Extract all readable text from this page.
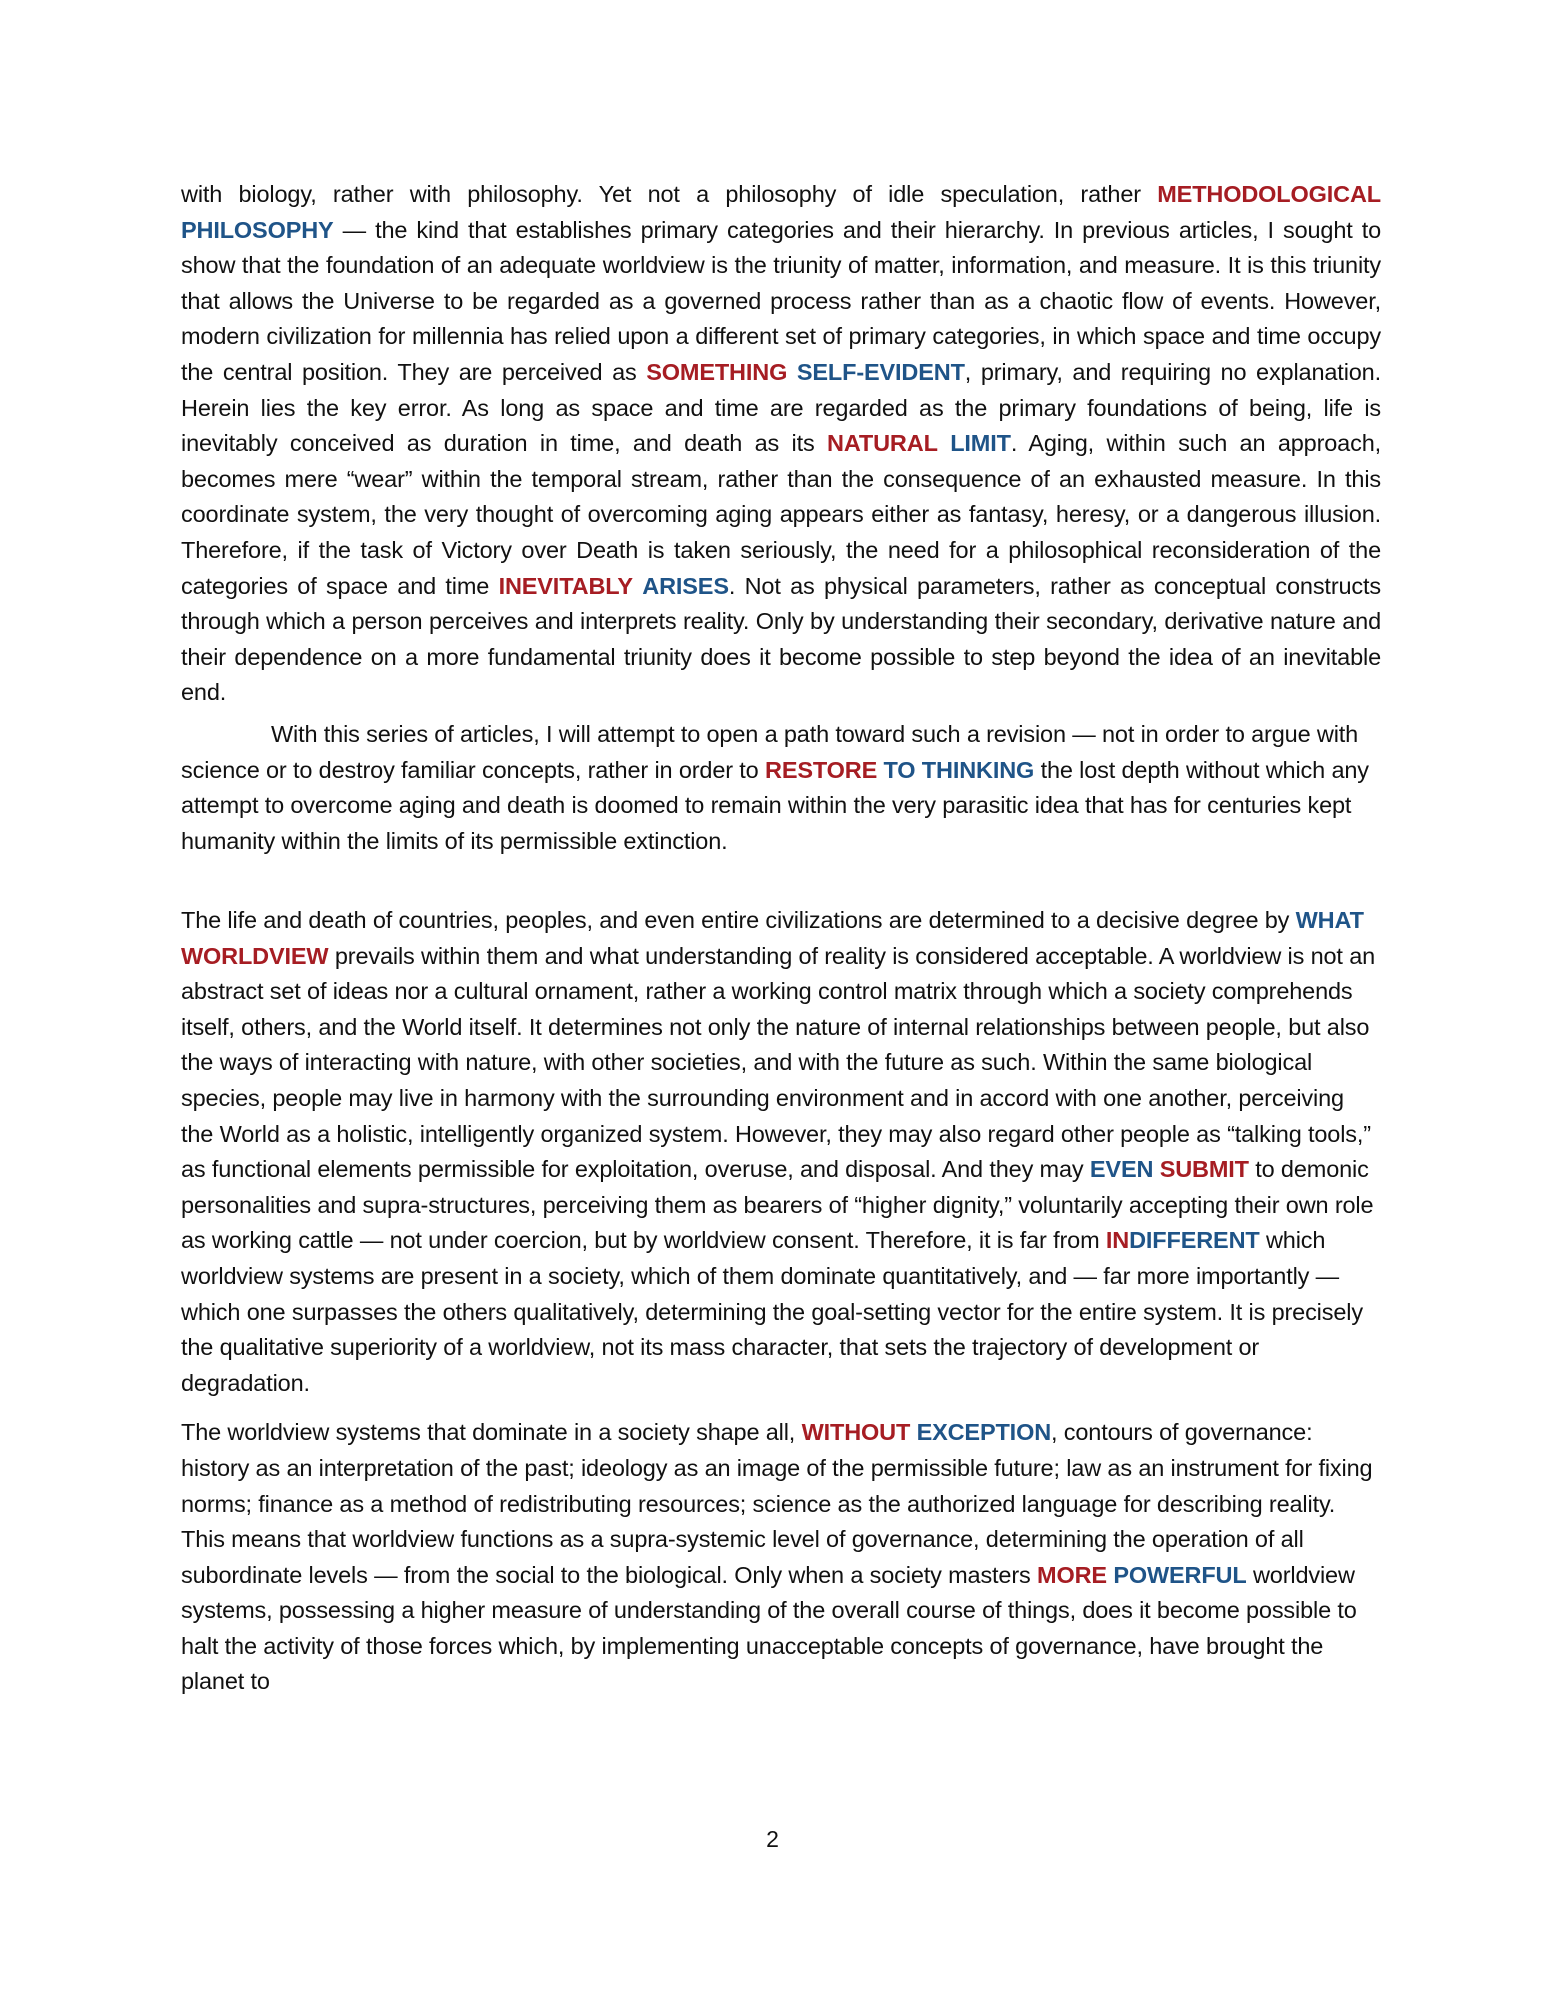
with biology, rather with philosophy. Yet not a philosophy of idle speculation, rather METHODOLOGICAL PHILOSOPHY — the kind that establishes primary categories and their hierarchy. In previous articles, I sought to show that the foundation of an adequate worldview is the triunity of matter, information, and measure. It is this triunity that allows the Universe to be regarded as a governed process rather than as a chaotic flow of events. However, modern civilization for millennia has relied upon a different set of primary categories, in which space and time occupy the central position. They are perceived as SOMETHING SELF-EVIDENT, primary, and requiring no explanation. Herein lies the key error. As long as space and time are regarded as the primary foundations of being, life is inevitably conceived as duration in time, and death as its NATURAL LIMIT. Aging, within such an approach, becomes mere “wear” within the temporal stream, rather than the consequence of an exhausted measure. In this coordinate system, the very thought of overcoming aging appears either as fantasy, heresy, or a dangerous illusion. Therefore, if the task of Victory over Death is taken seriously, the need for a philosophical reconsideration of the categories of space and time INEVITABLY ARISES. Not as physical parameters, rather as conceptual constructs through which a person perceives and interprets reality. Only by understanding their secondary, derivative nature and their dependence on a more fundamental triunity does it become possible to step beyond the idea of an inevitable end.

With this series of articles, I will attempt to open a path toward such a revision — not in order to argue with science or to destroy familiar concepts, rather in order to RESTORE TO THINKING the lost depth without which any attempt to overcome aging and death is doomed to remain within the very parasitic idea that has for centuries kept humanity within the limits of its permissible extinction.

The life and death of countries, peoples, and even entire civilizations are determined to a decisive degree by WHAT WORLDVIEW prevails within them and what understanding of reality is considered acceptable. A worldview is not an abstract set of ideas nor a cultural ornament, rather a working control matrix through which a society comprehends itself, others, and the World itself. It determines not only the nature of internal relationships between people, but also the ways of interacting with nature, with other societies, and with the future as such. Within the same biological species, people may live in harmony with the surrounding environment and in accord with one another, perceiving the World as a holistic, intelligently organized system. However, they may also regard other people as “talking tools,” as functional elements permissible for exploitation, overuse, and disposal. And they may EVEN SUBMIT to demonic personalities and supra-structures, perceiving them as bearers of “higher dignity,” voluntarily accepting their own role as working cattle — not under coercion, but by worldview consent. Therefore, it is far from INDIFFERENT which worldview systems are present in a society, which of them dominate quantitatively, and — far more importantly — which one surpasses the others qualitatively, determining the goal-setting vector for the entire system. It is precisely the qualitative superiority of a worldview, not its mass character, that sets the trajectory of development or degradation.

The worldview systems that dominate in a society shape all, WITHOUT EXCEPTION, contours of governance: history as an interpretation of the past; ideology as an image of the permissible future; law as an instrument for fixing norms; finance as a method of redistributing resources; science as the authorized language for describing reality. This means that worldview functions as a supra-systemic level of governance, determining the operation of all subordinate levels — from the social to the biological. Only when a society masters MORE POWERFUL worldview systems, possessing a higher measure of understanding of the overall course of things, does it become possible to halt the activity of those forces which, by implementing unacceptable concepts of governance, have brought the planet to

2
